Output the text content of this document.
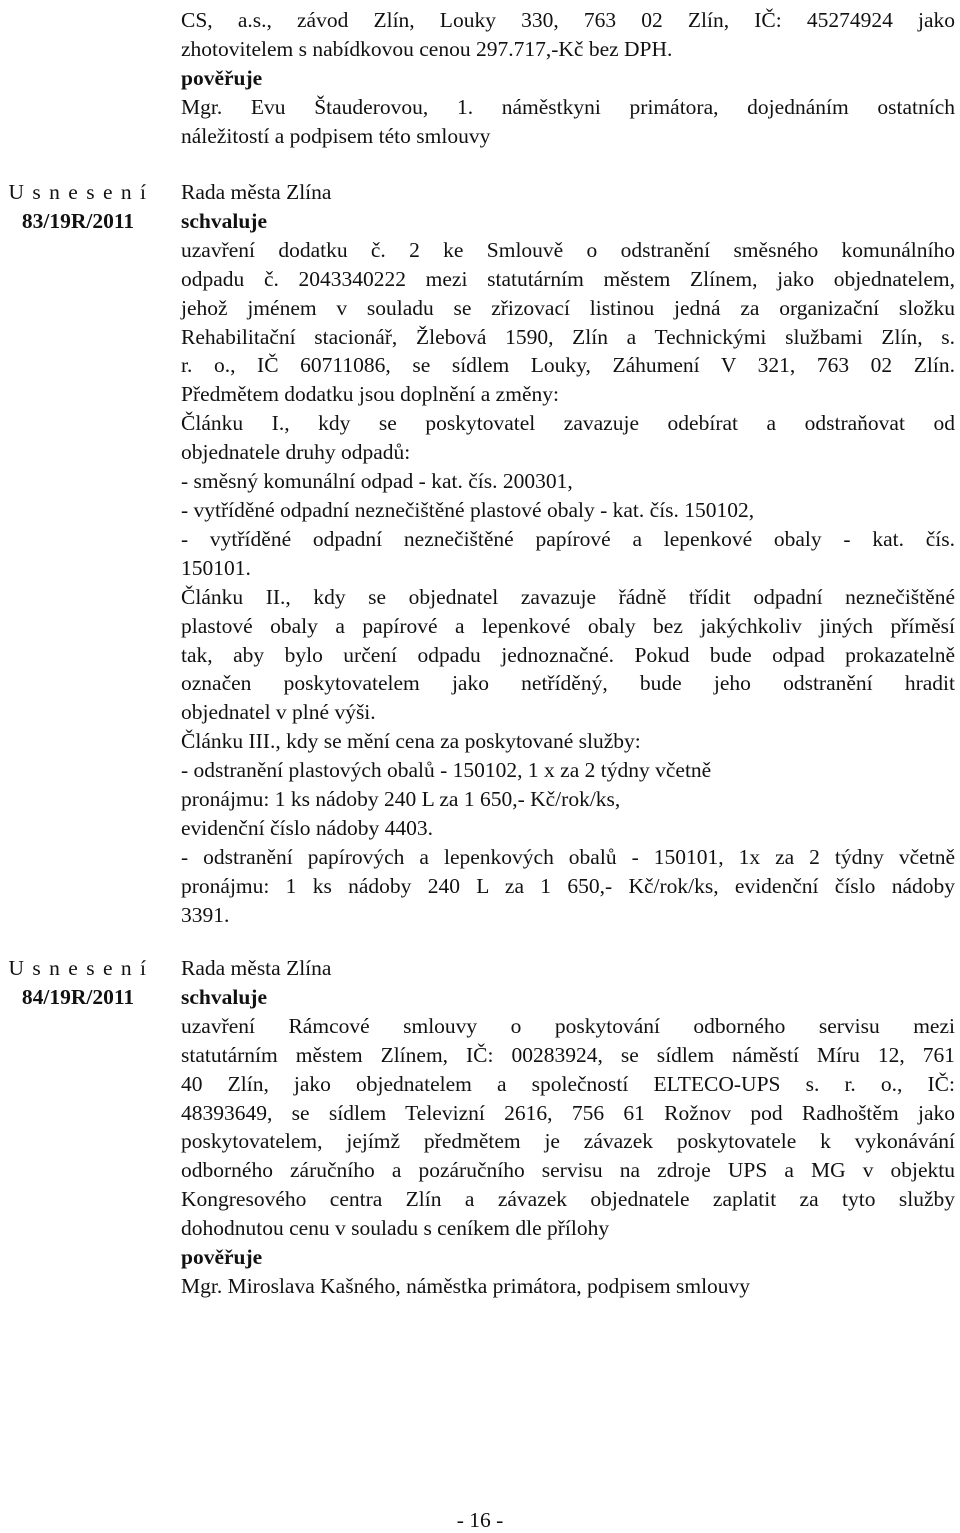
CS, a.s., závod Zlín, Louky 330, 763 02 Zlín, IČ: 45274924 jako
zhotovitelem s nabídkovou cenou 297.717,-Kč bez DPH.
pověřuje
Mgr. Evu Štauderovou, 1. náměstkyni primátora, dojednáním ostatních
náležitostí a podpisem této smlouvy
U s n e s e n í
83/19R/2011
Rada města Zlína
schvaluje
uzavření dodatku č. 2 ke Smlouvě o odstranění směsného komunálního
odpadu č. 2043340222 mezi statutárním městem Zlínem, jako objednatelem,
jehož jménem v souladu se zřizovací listinou jedná za organizační složku
Rehabilitační stacionář, Žlebová 1590, Zlín a Technickými službami Zlín, s.
r. o., IČ 60711086, se sídlem Louky, Záhumení V 321, 763 02 Zlín.
Předmětem dodatku jsou doplnění a změny:
Článku I., kdy se poskytovatel zavazuje odebírat a odstraňovat od
objednatele druhy odpadů:
- směsný komunální odpad - kat. čís. 200301,
- vytříděné odpadní neznečištěné plastové obaly - kat. čís. 150102,
- vytříděné odpadní neznečištěné papírové a lepenkové obaly - kat. čís.
150101.
Článku II., kdy se objednatel zavazuje řádně třídit odpadní neznečištěné
plastové obaly a papírové a lepenkové obaly bez jakýchkoliv jiných příměsí
tak, aby bylo určení odpadu jednoznačné. Pokud bude odpad prokazatelně
označen poskytovatelem jako netříděný, bude jeho odstranění hradit
objednatel v plné výši.
Článku III., kdy se mění cena za poskytované služby:
- odstranění plastových obalů - 150102, 1 x za 2 týdny včetně
pronájmu: 1 ks nádoby 240 L za 1 650,- Kč/rok/ks,
evidenční číslo nádoby 4403.
- odstranění papírových a lepenkových obalů - 150101, 1x za 2 týdny včetně
pronájmu: 1 ks nádoby 240 L za 1 650,- Kč/rok/ks, evidenční číslo nádoby
3391.
U s n e s e n í
84/19R/2011
Rada města Zlína
schvaluje
uzavření Rámcové smlouvy o poskytování odborného servisu mezi
statutárním městem Zlínem, IČ: 00283924, se sídlem náměstí Míru 12, 761
40 Zlín, jako objednatelem a společností ELTECO-UPS s. r. o., IČ:
48393649, se sídlem Televizní 2616, 756 61 Rožnov pod Radhoštěm jako
poskytovatelem, jejímž předmětem je závazek poskytovatele k vykonávání
odborného záručního a pozáručního servisu na zdroje UPS a MG v objektu
Kongresového centra Zlín a závazek objednatele zaplatit za tyto služby
dohodnutou cenu v souladu s ceníkem dle přílohy
pověřuje
Mgr. Miroslava Kašného, náměstka primátora, podpisem smlouvy
- 16 -
